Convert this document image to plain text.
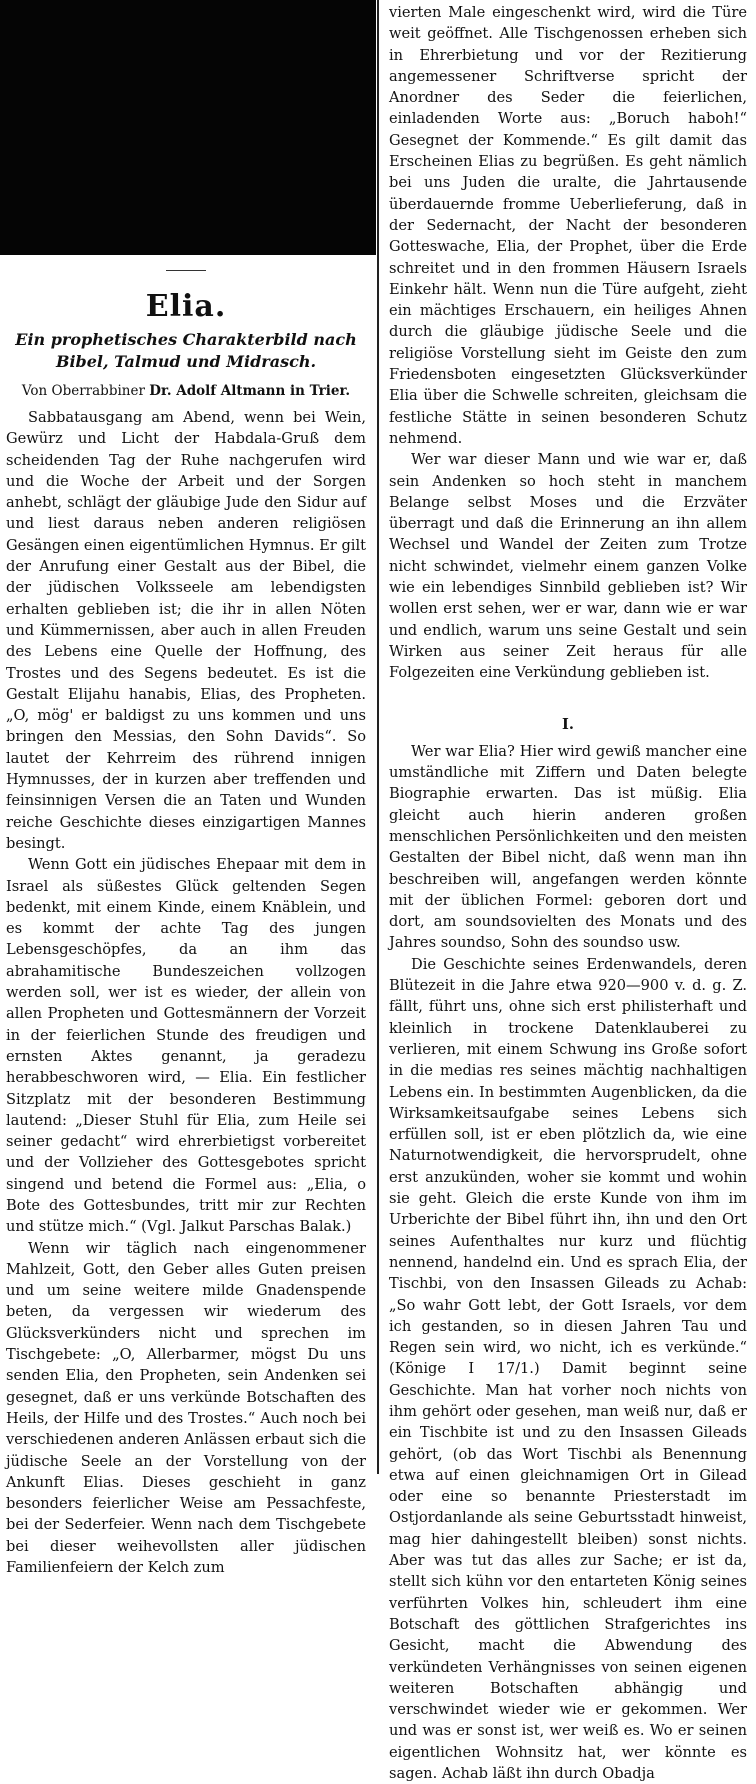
Elia.
Ein prophetisches Charakterbild nach Bibel, Talmud und Midrasch.
Von Oberrabbiner Dr. Adolf Altmann in Trier.

Sabbatausgang am Abend, wenn bei Wein, Gewürz und Licht der Habdala-Gruß dem scheidenden Tag der Ruhe nachgerufen wird und die Woche der Arbeit und der Sorgen anhebt, schlägt der gläubige Jude den Sidur auf und liest daraus neben anderen religiösen Gesängen einen eigentümlichen Hymnus. Er gilt der Anrufung einer Gestalt aus der Bibel, die der jüdischen Volksseele am lebendigsten erhalten geblieben ist; die ihr in allen Nöten und Kümmernissen, aber auch in allen Freuden des Lebens eine Quelle der Hoffnung, des Trostes und des Segens bedeutet. Es ist die Gestalt Elijahu hanabis, Elias, des Propheten. „O, mög' er baldigst zu uns kommen und uns bringen den Messias, den Sohn Davids“. So lautet der Kehrreim des rührend innigen Hymnusses, der in kurzen aber treffenden und feinsinnigen Versen die an Taten und Wunden reiche Geschichte dieses einzigartigen Mannes besingt.

Wenn Gott ein jüdisches Ehepaar mit dem in Israel als süßestes Glück geltenden Segen bedenkt, mit einem Kinde, einem Knäblein, und es kommt der achte Tag des jungen Lebensgeschöpfes, da an ihm das abrahamitische Bundeszeichen vollzogen werden soll, wer ist es wieder, der allein von allen Propheten und Gottesmännern der Vorzeit in der feierlichen Stunde des freudigen und ernsten Aktes genannt, ja geradezu herabbeschworen wird, — Elia. Ein festlicher Sitzplatz mit der besonderen Bestimmung lautend: „Dieser Stuhl für Elia, zum Heile sei seiner gedacht“ wird ehrerbietigst vorbereitet und der Vollzieher des Gottesgebotes spricht singend und betend die Formel aus: „Elia, o Bote des Gottesbundes, tritt mir zur Rechten und stütze mich.“ (Vgl. Jalkut Parschas Balak.)

Wenn wir täglich nach eingenommener Mahlzeit, Gott, den Geber alles Guten preisen und um seine weitere milde Gnadenspende beten, da vergessen wir wiederum des Glücksverkünders nicht und sprechen im Tischgebete: „O, Allerbarmer, mögst Du uns senden Elia, den Propheten, sein Andenken sei gesegnet, daß er uns verkünde Botschaften des Heils, der Hilfe und des Trostes.“ Auch noch bei verschiedenen anderen Anlässen erbaut sich die jüdische Seele an der Vorstellung von der Ankunft Elias. Dieses geschieht in ganz besonders feierlicher Weise am Pessachfeste, bei der Sederfeier. Wenn nach dem Tischgebete bei dieser weihevollsten aller jüdischen Familienfeiern der Kelch zum

vierten Male eingeschenkt wird, wird die Türe weit geöffnet. Alle Tischgenossen erheben sich in Ehrerbietung und vor der Rezitierung angemessener Schriftverse spricht der Anordner des Seder die feierlichen, einladenden Worte aus: „Boruch haboh!“ Gesegnet der Kommende.“ Es gilt damit das Erscheinen Elias zu begrüßen. Es geht nämlich bei uns Juden die uralte, die Jahrtausende überdauernde fromme Ueberlieferung, daß in der Sedernacht, der Nacht der besonderen Gotteswache, Elia, der Prophet, über die Erde schreitet und in den frommen Häusern Israels Einkehr hält. Wenn nun die Türe aufgeht, zieht ein mächtiges Erschauern, ein heiliges Ahnen durch die gläubige jüdische Seele und die religiöse Vorstellung sieht im Geiste den zum Friedensboten eingesetzten Glücksverkünder Elia über die Schwelle schreiten, gleichsam die festliche Stätte in seinen besonderen Schutz nehmend.

Wer war dieser Mann und wie war er, daß sein Andenken so hoch steht in manchem Belange selbst Moses und die Erzväter überragt und daß die Erinnerung an ihn allem Wechsel und Wandel der Zeiten zum Trotze nicht schwindet, vielmehr einem ganzen Volke wie ein lebendiges Sinnbild geblieben ist? Wir wollen erst sehen, wer er war, dann wie er war und endlich, warum uns seine Gestalt und sein Wirken aus seiner Zeit heraus für alle Folgezeiten eine Verkündung geblieben ist.

I.

Wer war Elia? Hier wird gewiß mancher eine umständliche mit Ziffern und Daten belegte Biographie erwarten. Das ist müßig. Elia gleicht auch hierin anderen großen menschlichen Persönlichkeiten und den meisten Gestalten der Bibel nicht, daß wenn man ihn beschreiben will, angefangen werden könnte mit der üblichen Formel: geboren dort und dort, am soundsovielten des Monats und des Jahres soundso, Sohn des soundso usw.

Die Geschichte seines Erdenwandels, deren Blütezeit in die Jahre etwa 920—900 v. d. g. Z. fällt, führt uns, ohne sich erst philisterhaft und kleinlich in trockene Datenklauberei zu verlieren, mit einem Schwung ins Große sofort in die medias res seines mächtig nachhaltigen Lebens ein. In bestimmten Augenblicken, da die Wirksamkeitsaufgabe seines Lebens sich erfüllen soll, ist er eben plötzlich da, wie eine Naturnotwendigkeit, die hervorsprudelt, ohne erst anzukünden, woher sie kommt und wohin sie geht. Gleich die erste Kunde von ihm im Urberichte der Bibel führt ihn, ihn und den Ort seines Aufenthaltes nur kurz und flüchtig nennend, handelnd ein. Und es sprach Elia, der Tischbi, von den Insassen Gileads zu Achab: „So wahr Gott lebt, der Gott Israels, vor dem ich gestanden, so in diesen Jahren Tau und Regen sein wird, wo nicht, ich es verkünde.“ (Könige I 17/1.) Damit beginnt seine Geschichte. Man hat vorher noch nichts von ihm gehört oder gesehen, man weiß nur, daß er ein Tischbite ist und zu den Insassen Gileads gehört, (ob das Wort Tischbi als Benennung etwa auf einen gleichnamigen Ort in Gilead oder eine so benannte Priesterstadt im Ostjordanlande als seine Geburtsstadt hinweist, mag hier dahingestellt bleiben) sonst nichts. Aber was tut das alles zur Sache; er ist da, stellt sich kühn vor den entarteten König seines verführten Volkes hin, schleudert ihm eine Botschaft des göttlichen Strafgerichtes ins Gesicht, macht die Abwendung des verkündeten Verhängnisses von seinen eigenen weiteren Botschaften abhängig und verschwindet wieder wie er gekommen. Wer und was er sonst ist, wer weiß es. Wo er seinen eigentlichen Wohnsitz hat, wer könnte es sagen. Achab läßt ihn durch Obadja
